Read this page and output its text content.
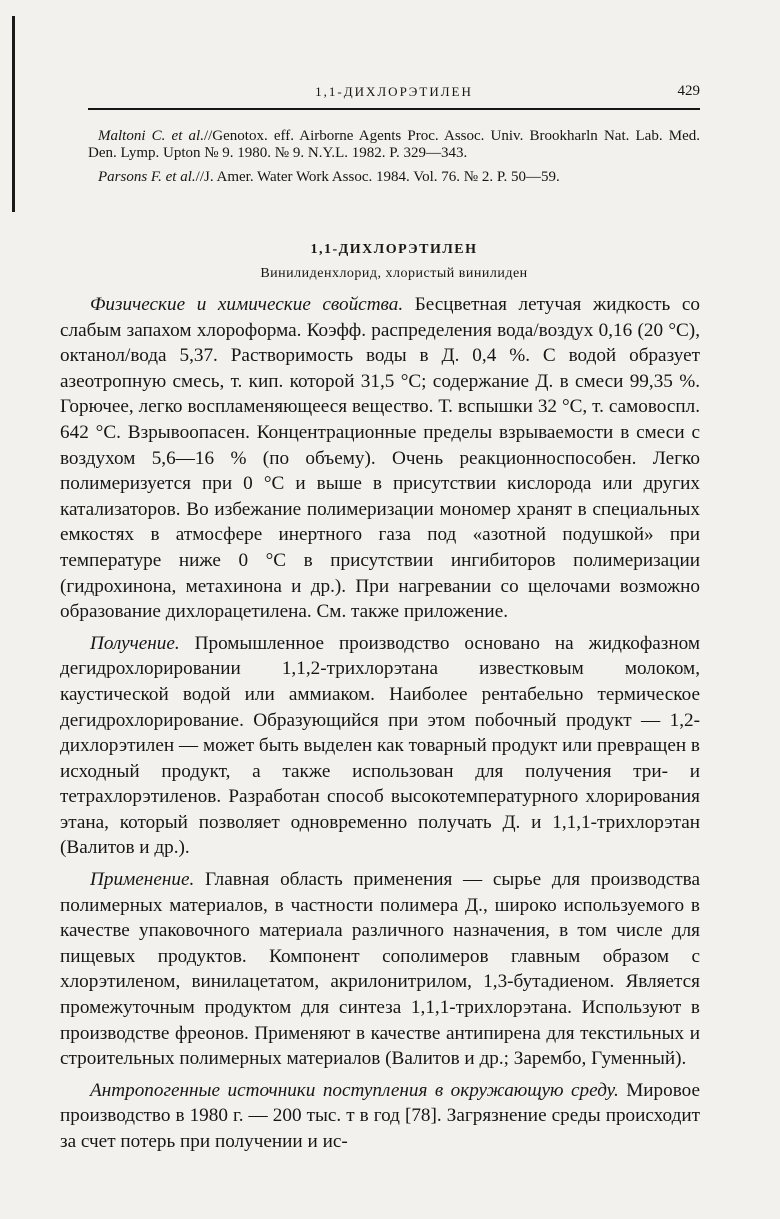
1,1-ДИХЛОРЭТИЛЕН	429
Maltoni C. et al.//Genotox. eff. Airborne Agents Proc. Assoc. Univ. Brookharln Nat. Lab. Med. Den. Lymp. Upton № 9. 1980. № 9. N.Y.L. 1982. P. 329—343.
Parsons F. et al.//J. Amer. Water Work Assoc. 1984. Vol. 76. № 2. P. 50—59.
1,1-ДИХЛОРЭТИЛЕН
Винилиденхлорид, хлористый винилиден

Физические и химические свойства. Бесцветная летучая жидкость со слабым запахом хлороформа. Коэфф. распределения вода/воздух 0,16 (20 °С), октанол/вода 5,37. Растворимость воды в Д. 0,4 %. С водой образует азеотропную смесь, т. кип. которой 31,5 °С; содержание Д. в смеси 99,35 %. Горючее, легко воспламеняющееся вещество. Т. вспышки 32 °С, т. самовоспл. 642 °С. Взрывоопасен. Концентрационные пределы взрываемости в смеси с воздухом 5,6—16 % (по объему). Очень реакционноспособен. Легко полимеризуется при 0 °С и выше в присутствии кислорода или других катализаторов. Во избежание полимеризации мономер хранят в специальных емкостях в атмосфере инертного газа под «азотной подушкой» при температуре ниже 0 °С в присутствии ингибиторов полимеризации (гидрохинона, метахинона и др.). При нагревании со щелочами возможно образование дихлорацетилена. См. также приложение.

Получение. Промышленное производство основано на жидкофазном дегидрохлорировании 1,1,2-трихлорэтана известковым молоком, каустической водой или аммиаком. Наиболее рентабельно термическое дегидрохлорирование. Образующийся при этом побочный продукт — 1,2-дихлорэтилен — может быть выделен как товарный продукт или превращен в исходный продукт, а также использован для получения три- и тетрахлорэтиленов. Разработан способ высокотемпературного хлорирования этана, который позволяет одновременно получать Д. и 1,1,1-трихлорэтан (Валитов и др.).

Применение. Главная область применения — сырье для производства полимерных материалов, в частности полимера Д., широко используемого в качестве упаковочного материала различного назначения, в том числе для пищевых продуктов. Компонент сополимеров главным образом с хлорэтиленом, винилацетатом, акрилонитрилом, 1,3-бутадиеном. Является промежуточным продуктом для синтеза 1,1,1-трихлорэтана. Используют в производстве фреонов. Применяют в качестве антипирена для текстильных и строительных полимерных материалов (Валитов и др.; Зарембо, Гуменный).

Антропогенные источники поступления в окружающую среду. Мировое производство в 1980 г. — 200 тыс. т в год [78]. Загрязнение среды происходит за счет потерь при получении и ис-
